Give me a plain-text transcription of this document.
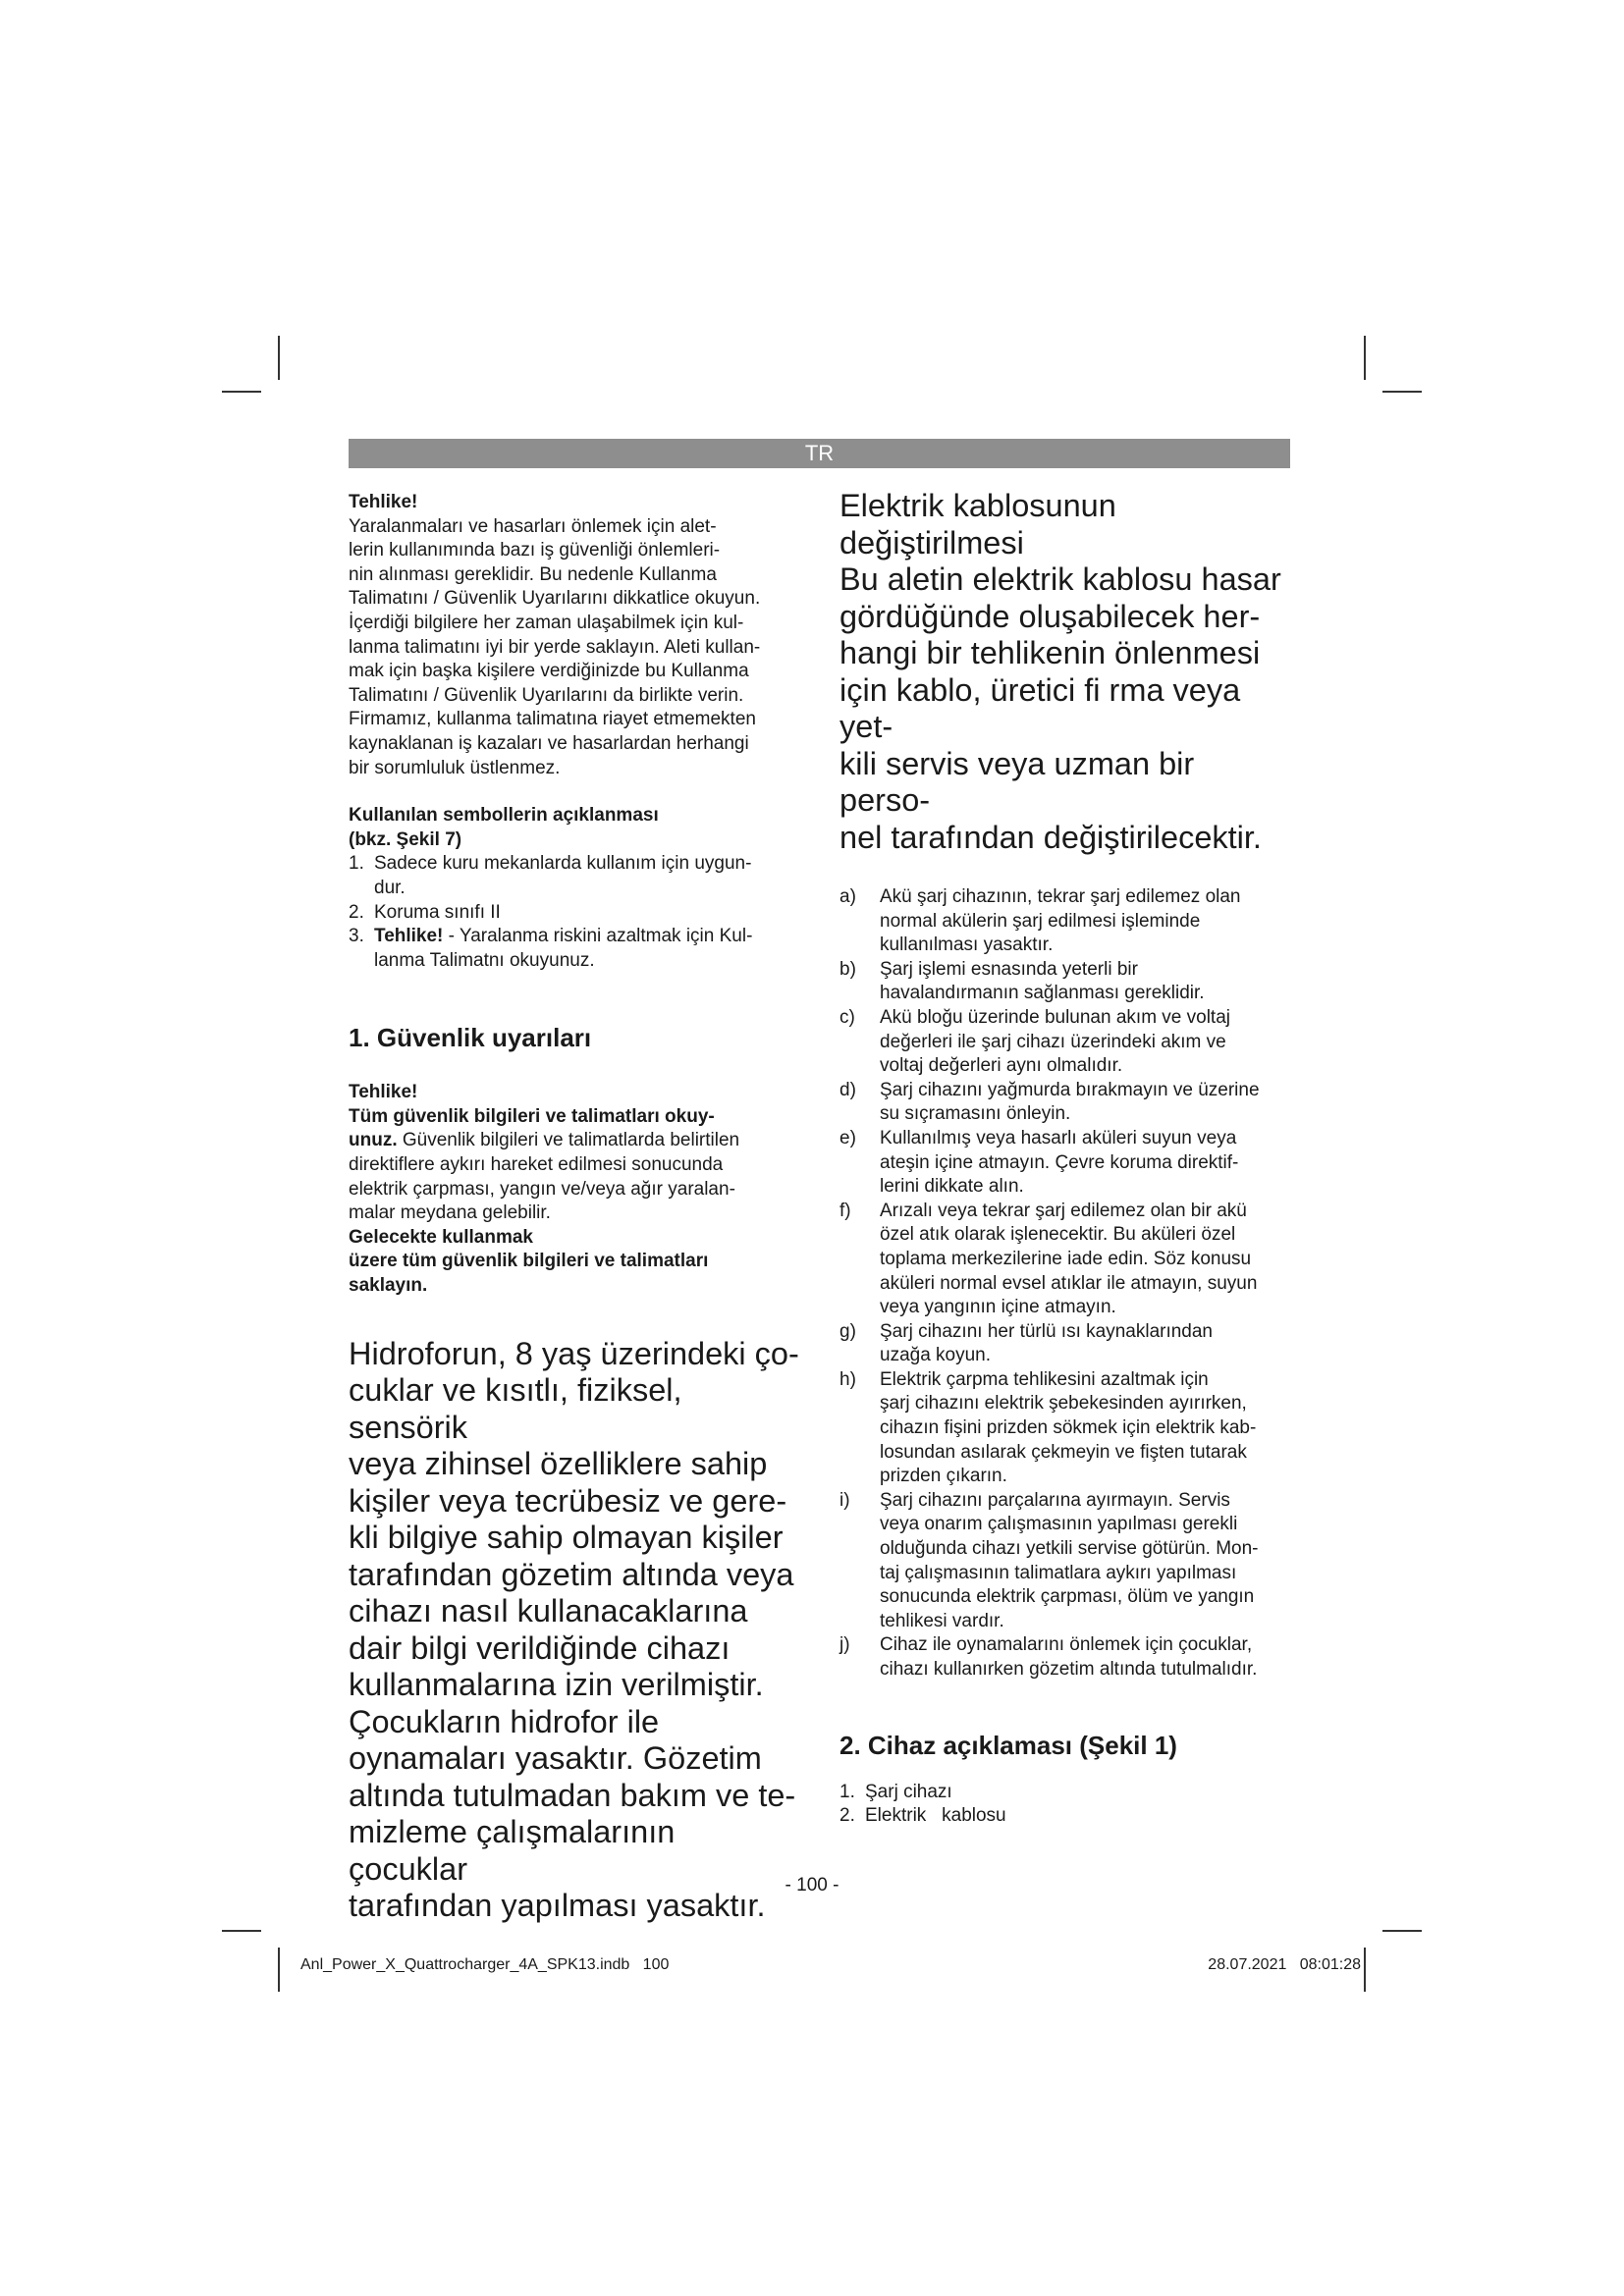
TR

Tehlike!

Yaralanmaları ve hasarları önlemek için alet-
lerin kullanımında bazı iş güvenliği önlemleri-
nin alınması gereklidir. Bu nedenle Kullanma
Talimatını / Güvenlik Uyarılarını dikkatlice okuyun.
İçerdiği bilgilere her zaman ulaşabilmek için kul-
lanma talimatını iyi bir yerde saklayın. Aleti kullan-
mak için başka kişilere verdiğinizde bu Kullanma
Talimatını / Güvenlik Uyarılarını da birlikte verin.
Firmamız, kullanma talimatına riayet etmemekten
kaynaklanan iş kazaları ve hasarlardan herhangi
bir sorumluluk üstlenmez.

Kullanılan sembollerin açıklanması
(bkz. Şekil 7)

1. Sadece kuru mekanlarda kullanım için uygun-
dur.
2. Koruma sınıfı II
3. Tehlike! - Yaralanma riskini azaltmak için Kul-
lanma Talimatnı okuyunuz.

1. Güvenlik uyarıları

Tehlike!

Tüm güvenlik bilgileri ve talimatları okuy-
unuz. Güvenlik bilgileri ve talimatlarda belirtilen
direktiflere aykırı hareket edilmesi sonucunda
elektrik çarpması, yangın ve/veya ağır yaralan-
malar meydana gelebilir.
Gelecekte kullanmak
üzere tüm güvenlik bilgileri ve talimatları
saklayın.

Hidroforun, 8 yaş üzerindeki ço-
cuklar ve kısıtlı, fiziksel, sensörik
veya zihinsel özelliklere sahip
kişiler veya tecrübesiz ve gere-
kli bilgiye sahip olmayan kişiler
tarafından gözetim altında veya
cihazı nasıl kullanacaklarına
dair bilgi verildiğinde cihazı
kullanmalarına izin verilmiştir.
Çocukların hidrofor ile
oynamaları yasaktır. Gözetim
altında tutulmadan bakım ve te-
mizleme çalışmalarının çocuklar
tarafından yapılması yasaktır.

Elektrik kablosunun değiştirilmesi
Bu aletin elektrik kablosu hasar
gördüğünde oluşabilecek her-
hangi bir tehlikenin önlenmesi
için kablo, üretici fi rma veya yet-
kili servis veya uzman bir perso-
nel tarafından değiştirilecektir.

a) Akü şarj cihazının, tekrar şarj edilemez olan
normal akülerin şarj edilmesi işleminde
kullanılması yasaktır.
b) Şarj işlemi esnasında yeterli bir
havalandırmanın sağlanması gereklidir.
c) Akü bloğu üzerinde bulunan akım ve voltaj
değerleri ile şarj cihazı üzerindeki akım ve
voltaj değerleri aynı olmalıdır.
d) Şarj cihazını yağmurda bırakmayın ve üzerine
su sıçramasını önleyin.
e) Kullanılmış veya hasarlı aküleri suyun veya
ateşin içine atmayın. Çevre koruma direktif-
lerini dikkate alın.
f) Arızalı veya tekrar şarj edilemez olan bir akü
özel atık olarak işlenecektir. Bu aküleri özel
toplama merkezilerine iade edin. Söz konusu
aküleri normal evsel atıklar ile atmayın, suyun
veya yangının içine atmayın.
g) Şarj cihazını her türlü ısı kaynaklarından
uzağa koyun.
h) Elektrik çarpma tehlikesini azaltmak için
şarj cihazını elektrik şebekesinden ayırırken,
cihazın fişini prizden sökmek için elektrik kab-
losundan asılarak çekmeyin ve fişten tutarak
prizden çıkarın.
i) Şarj cihazını parçalarına ayırmayın. Servis
veya onarım çalışmasının yapılması gerekli
olduğunda cihazı yetkili servise götürün. Mon-
taj çalışmasının talimatlara aykırı yapılması
sonucunda elektrik çarpması, ölüm ve yangın
tehlikesi vardır.
j) Cihaz ile oynamalarını önlemek için çocuklar,
cihazı kullanırken gözetim altında tutulmalıdır.

2. Cihaz açıklaması (Şekil 1)

1. Şarj cihazı
2. Elektrik   kablosu
- 100 -
Anl_Power_X_Quattrocharger_4A_SPK13.indb   100	28.07.2021   08:01:28
